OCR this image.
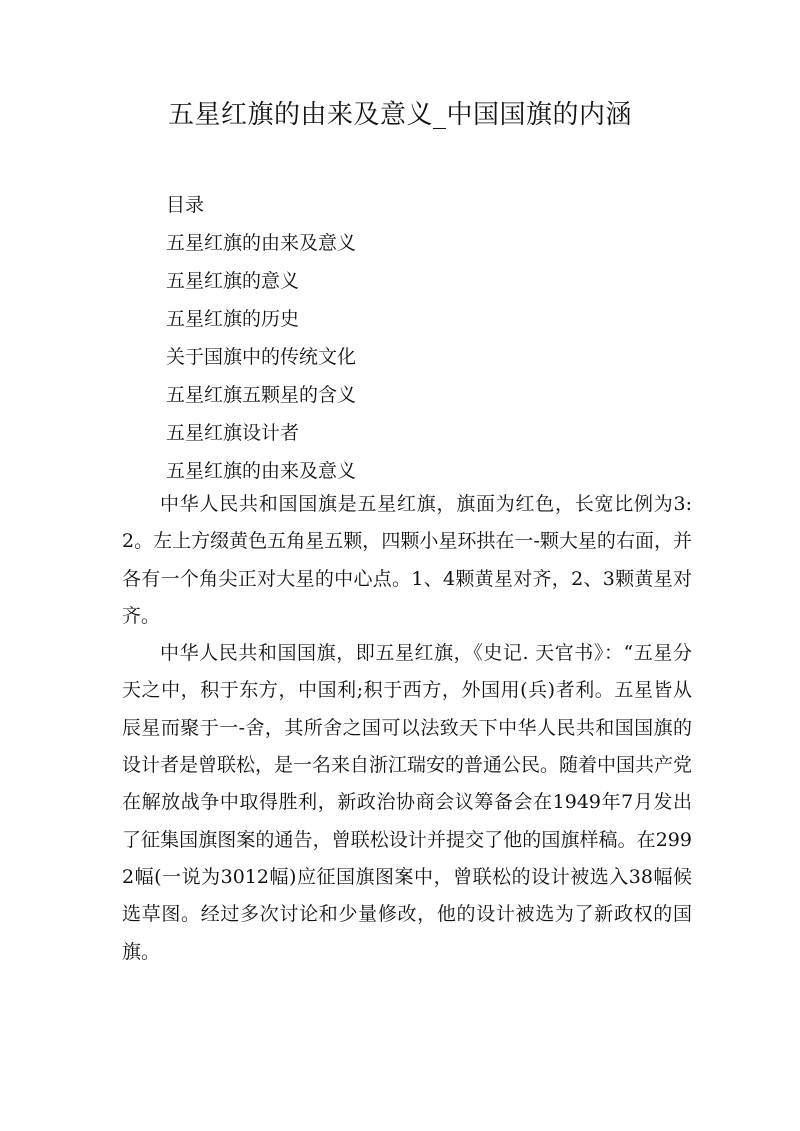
五星红旗的由来及意义_中国国旗的内涵
目录
五星红旗的由来及意义
五星红旗的意义
五星红旗的历史
关于国旗中的传统文化
五星红旗五颗星的含义
五星红旗设计者
五星红旗的由来及意义

中华人民共和国国旗是五星红旗，旗面为红色，长宽比例为3:2。左上方缀黄色五角星五颗，四颗小星环拱在一-颗大星的右面，并各有一个角尖正对大星的中心点。1、4颗黄星对齐，2、3颗黄星对齐。

中华人民共和国国旗，即五星红旗，《史记. 天官书》：“五星分天之中，积于东方，中国利;积于西方，外国用(兵)者利。五星皆从辰星而聚于一-舍，其所舍之国可以法致天下中华人民共和国国旗的设计者是曾联松，是一名来自浙江瑞安的普通公民。随着中国共产党在解放战争中取得胜利，新政治协商会议筹备会在1949年7月发出了征集国旗图案的通告，曾联松设计并提交了他的国旗样稿。在2992幅(一说为3012幅)应征国旗图案中，曾联松的设计被选入38幅候选草图。经过多次讨论和少量修改，他的设计被选为了新政权的国旗。
